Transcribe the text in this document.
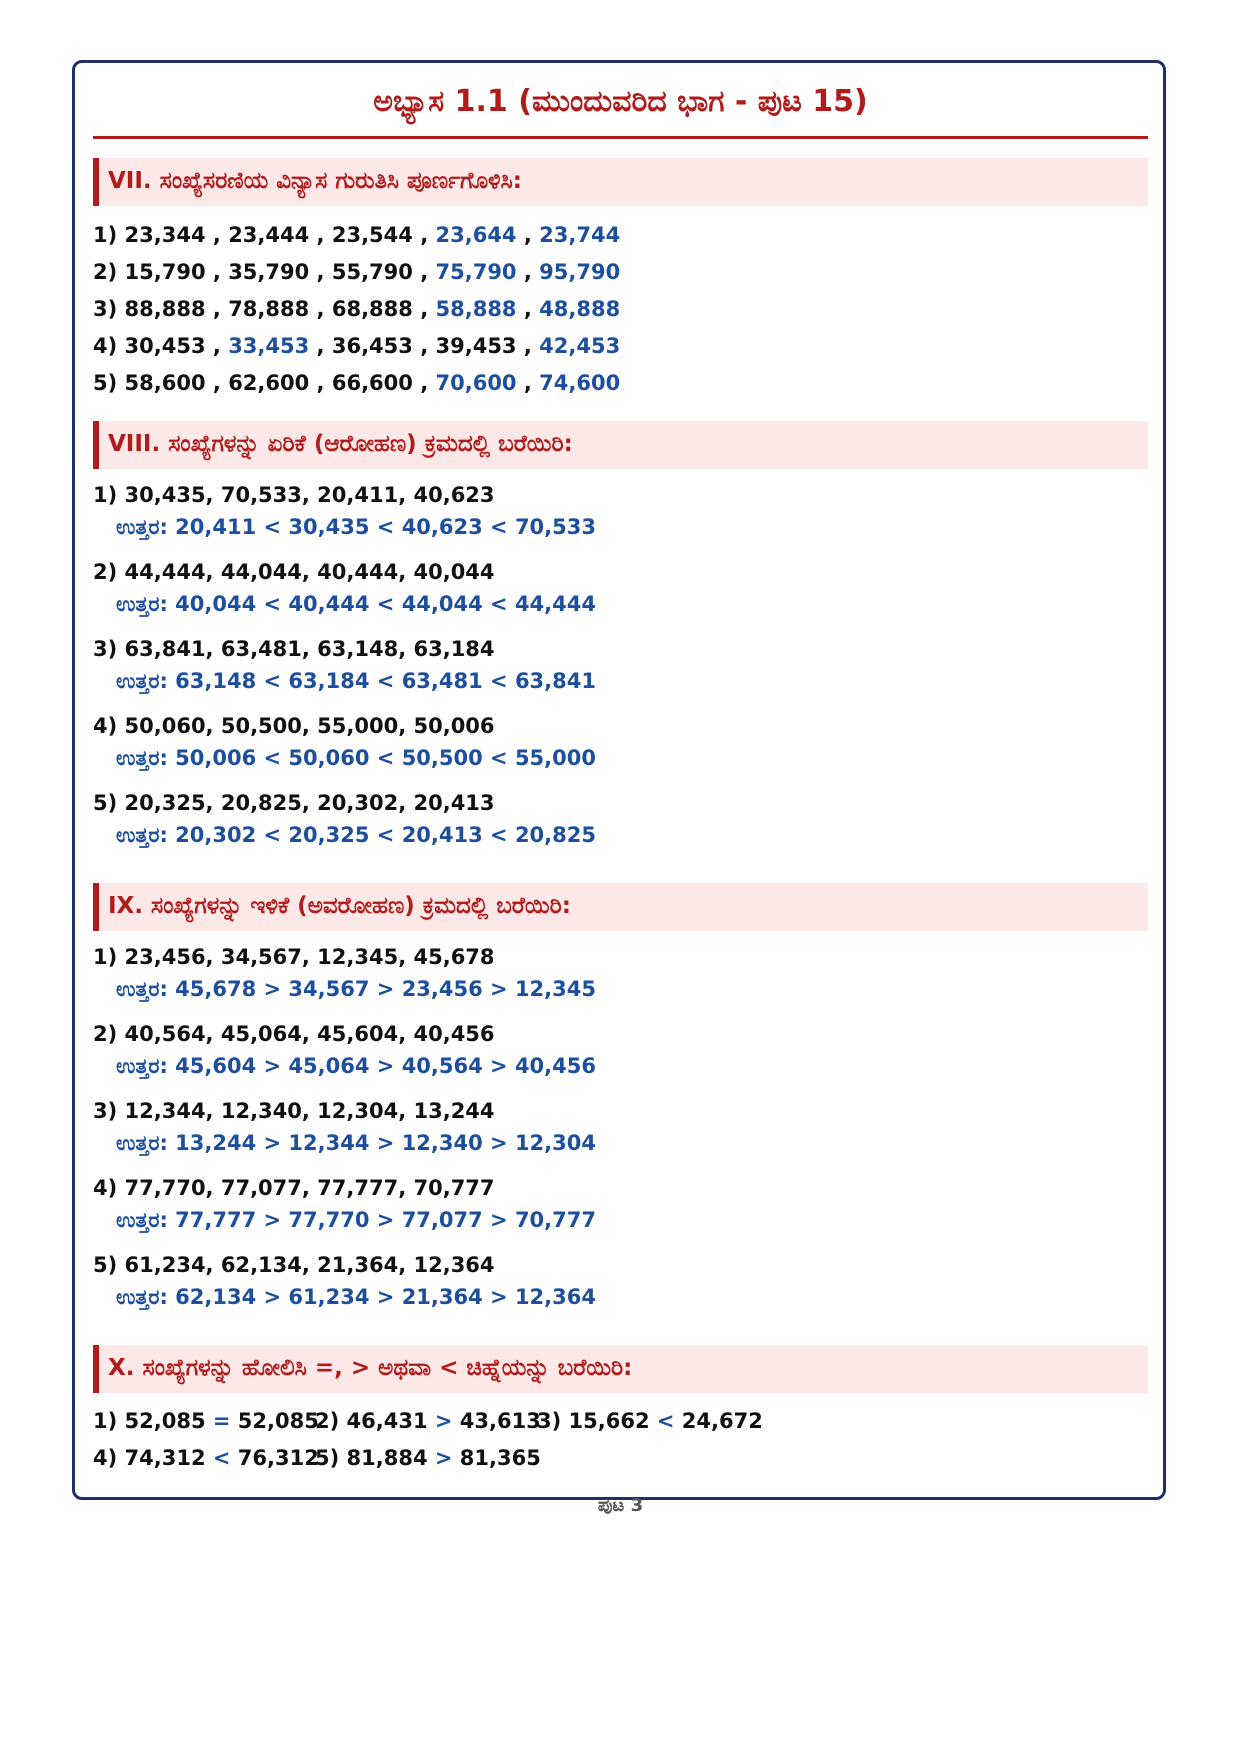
ಅಭ್ಯಾಸ 1.1 (ಮುಂದುವರಿದ ಭಾಗ - ಪುಟ 15)
VII. ಸಂಖ್ಯೆಸರಣಿಯ ವಿನ್ಯಾಸ ಗುರುತಿಸಿ ಪೂರ್ಣಗೊಳಿಸಿ:
1) 23,344 , 23,444 , 23,544 , 23,644 , 23,744
2) 15,790 , 35,790 , 55,790 , 75,790 , 95,790
3) 88,888 , 78,888 , 68,888 , 58,888 , 48,888
4) 30,453 , 33,453 , 36,453 , 39,453 , 42,453
5) 58,600 , 62,600 , 66,600 , 70,600 , 74,600
VIII. ಸಂಖ್ಯೆಗಳನ್ನು ಏರಿಕೆ (ಆರೋಹಣ) ಕ್ರಮದಲ್ಲಿ ಬರೆಯಿರಿ:
1) 30,435, 70,533, 20,411, 40,623
ಉತ್ತರ: 20,411 < 30,435 < 40,623 < 70,533
2) 44,444, 44,044, 40,444, 40,044
ಉತ್ತರ: 40,044 < 40,444 < 44,044 < 44,444
3) 63,841, 63,481, 63,148, 63,184
ಉತ್ತರ: 63,148 < 63,184 < 63,481 < 63,841
4) 50,060, 50,500, 55,000, 50,006
ಉತ್ತರ: 50,006 < 50,060 < 50,500 < 55,000
5) 20,325, 20,825, 20,302, 20,413
ಉತ್ತರ: 20,302 < 20,325 < 20,413 < 20,825
IX. ಸಂಖ್ಯೆಗಳನ್ನು ಇಳಿಕೆ (ಅವರೋಹಣ) ಕ್ರಮದಲ್ಲಿ ಬರೆಯಿರಿ:
1) 23,456, 34,567, 12,345, 45,678
ಉತ್ತರ: 45,678 > 34,567 > 23,456 > 12,345
2) 40,564, 45,064, 45,604, 40,456
ಉತ್ತರ: 45,604 > 45,064 > 40,564 > 40,456
3) 12,344, 12,340, 12,304, 13,244
ಉತ್ತರ: 13,244 > 12,344 > 12,340 > 12,304
4) 77,770, 77,077, 77,777, 70,777
ಉತ್ತರ: 77,777 > 77,770 > 77,077 > 70,777
5) 61,234, 62,134, 21,364, 12,364
ಉತ್ತರ: 62,134 > 61,234 > 21,364 > 12,364
X. ಸಂಖ್ಯೆಗಳನ್ನು ಹೋಲಿಸಿ =, > ಅಥವಾ < ಚಿಹ್ನೆಯನ್ನು ಬರೆಯಿರಿ:
1) 52,085 = 52,0852) 46,431 > 43,6133) 15,662 < 24,672
4) 74,312 < 76,3125) 81,884 > 81,365
ಪುಟ 3
